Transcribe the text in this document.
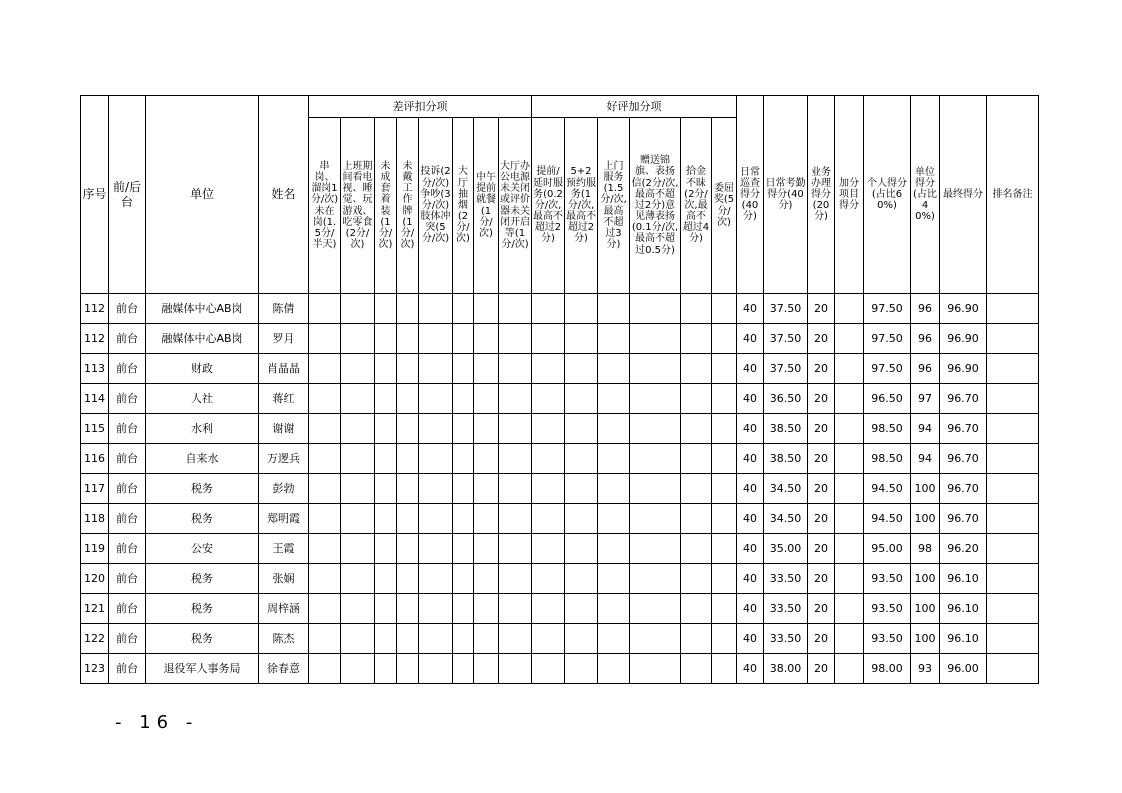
序号	前/后台	单位	姓名	差评扣分项								好评加分项						日常巡查得分(40分)	日常考勤得分(40分)	业务办理得分(20分)	加分项目得分	个人得分(占比60%)	单位得分(占比40%)	最终得分	排名备注

				串岗、溜岗1分/次)未在岗(1.5分/半天)	上班期间看电视、睡觉、玩游戏、吃零食(2分/次)	未成套着装(1分/次)	未戴工作牌(1分/次)	投诉(2分/次)争吵(3分/次)肢体冲突(5分/次)	大厅抽烟(2分/次)	中午提前就餐(1分/次)	大厅办公电源未关闭或评价器未关闭开启等(1分/次)	提前/延时服务(0.2分/次,最高不超过2分)	5+2预约服务(1分/次,最高不超过2分)	上门服务(1.5分/次,最高不超过3分)	赠送锦旗、表扬信(2分/次,最高不超过2分)意见薄表扬(0.1分/次,最高不超过0.5分)	拾金不昧(2分/次,最高不超过4分)	委屈奖(5分/次)								

112	前台	融媒体中心AB岗	陈倩															40	37.50	20		97.50	96	96.90	
112	前台	融媒体中心AB岗	罗月															40	37.50	20		97.50	96	96.90	
113	前台	财政	肖晶晶															40	37.50	20		97.50	96	96.90	
114	前台	人社	蒋红															40	36.50	20		96.50	97	96.70	
115	前台	水利	谢谢															40	38.50	20		98.50	94	96.70	
116	前台	自来水	万逻兵															40	38.50	20		98.50	94	96.70	
117	前台	税务	彭勃															40	34.50	20		94.50	100	96.70	
118	前台	税务	郑明霞															40	34.50	20		94.50	100	96.70	
119	前台	公安	王霞															40	35.00	20		95.00	98	96.20	
120	前台	税务	张娴															40	33.50	20		93.50	100	96.10	
121	前台	税务	周梓涵															40	33.50	20		93.50	100	96.10	
122	前台	税务	陈杰															40	33.50	20		93.50	100	96.10	
123	前台	退役军人事务局	徐春意															40	38.00	20		98.00	93	96.00	
- 16 -
